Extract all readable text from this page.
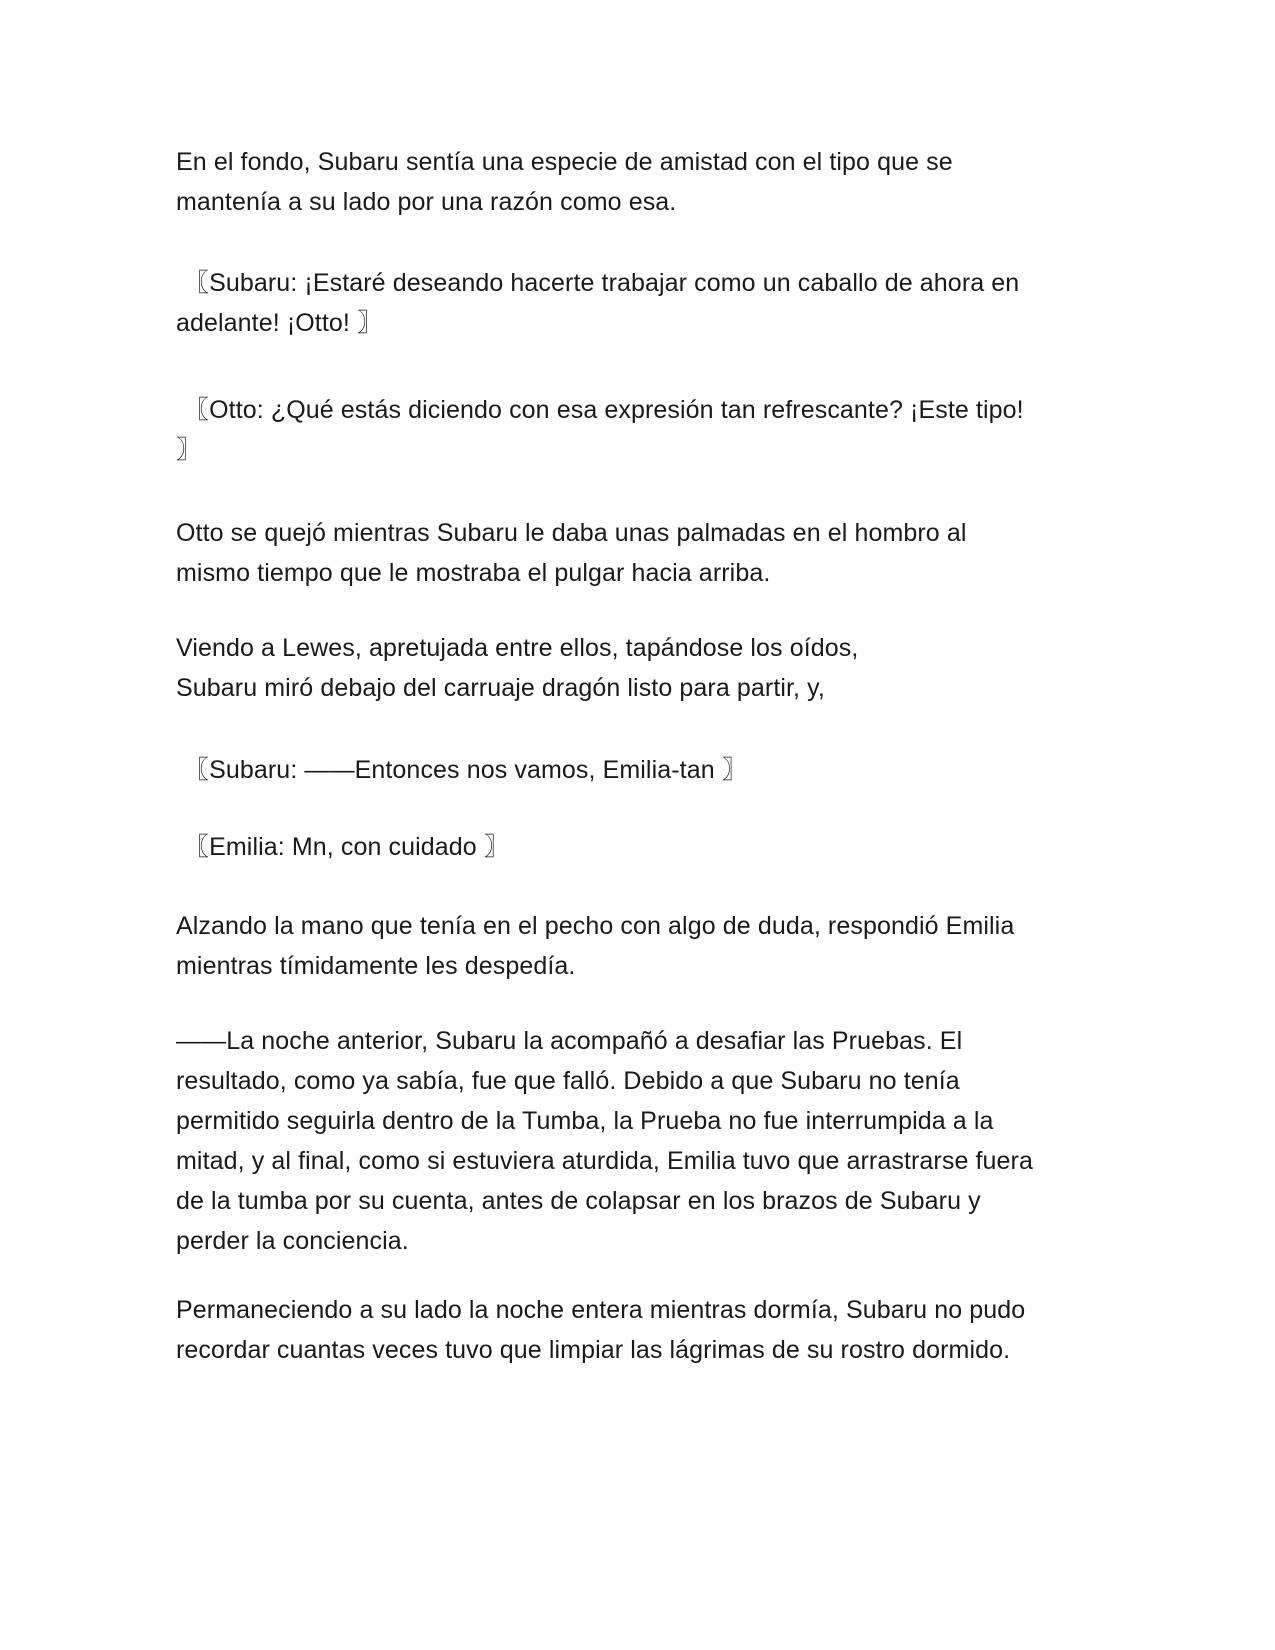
En el fondo, Subaru sentía una especie de amistad con el tipo que se
mantenía a su lado por una razón como esa.
〖Subaru: ¡Estaré deseando hacerte trabajar como un caballo de ahora en
adelante! ¡Otto! 〗
〖Otto: ¿Qué estás diciendo con esa expresión tan refrescante? ¡Este tipo!
〗
Otto se quejó mientras Subaru le daba unas palmadas en el hombro al
mismo tiempo que le mostraba el pulgar hacia arriba.
Viendo a Lewes, apretujada entre ellos, tapándose los oídos,
Subaru miró debajo del carruaje dragón listo para partir, y,
〖Subaru: ——Entonces nos vamos, Emilia-tan 〗
〖Emilia: Mn, con cuidado 〗
Alzando la mano que tenía en el pecho con algo de duda, respondió Emilia
mientras tímidamente les despedía.
——La noche anterior, Subaru la acompañó a desafiar las Pruebas. El
resultado, como ya sabía, fue que falló. Debido a que Subaru no tenía
permitido seguirla dentro de la Tumba, la Prueba no fue interrumpida a la
mitad, y al final, como si estuviera aturdida, Emilia tuvo que arrastrarse fuera
de la tumba por su cuenta, antes de colapsar en los brazos de Subaru y
perder la conciencia.
Permaneciendo a su lado la noche entera mientras dormía, Subaru no pudo
recordar cuantas veces tuvo que limpiar las lágrimas de su rostro dormido.
